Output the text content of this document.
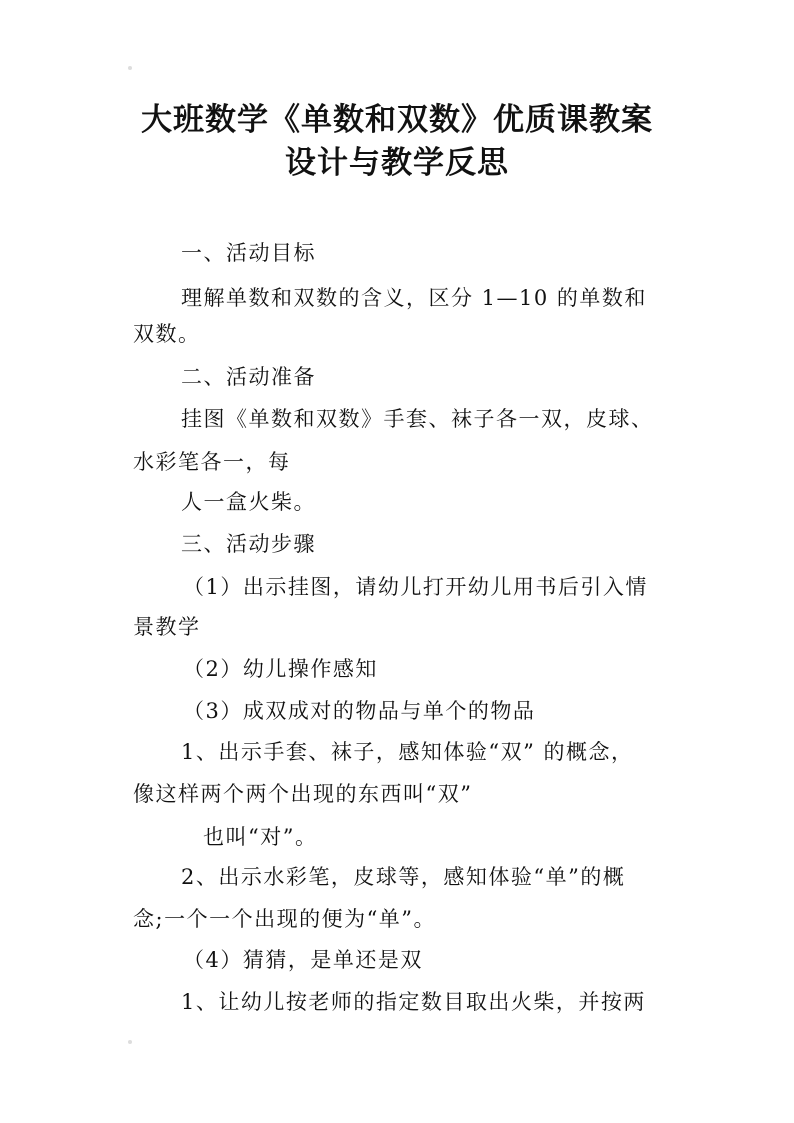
大班数学《单数和双数》优质课教案
设计与教学反思
一、活动目标
理解单数和双数的含义，区分 1—10 的单数和
双数。
二、活动准备
挂图《单数和双数》手套、袜子各一双，皮球、
水彩笔各一，每
人一盒火柴。
三、活动步骤
（1）出示挂图，请幼儿打开幼儿用书后引入情
景教学
（2）幼儿操作感知
（3）成双成对的物品与单个的物品
1、出示手套、袜子，感知体验“双” 的概念，
像这样两个两个出现的东西叫“双”
也叫“对”。
2、出示水彩笔，皮球等，感知体验“单”的概
念;一个一个出现的便为“单”。
（4）猜猜，是单还是双
1、让幼儿按老师的指定数目取出火柴，并按两
